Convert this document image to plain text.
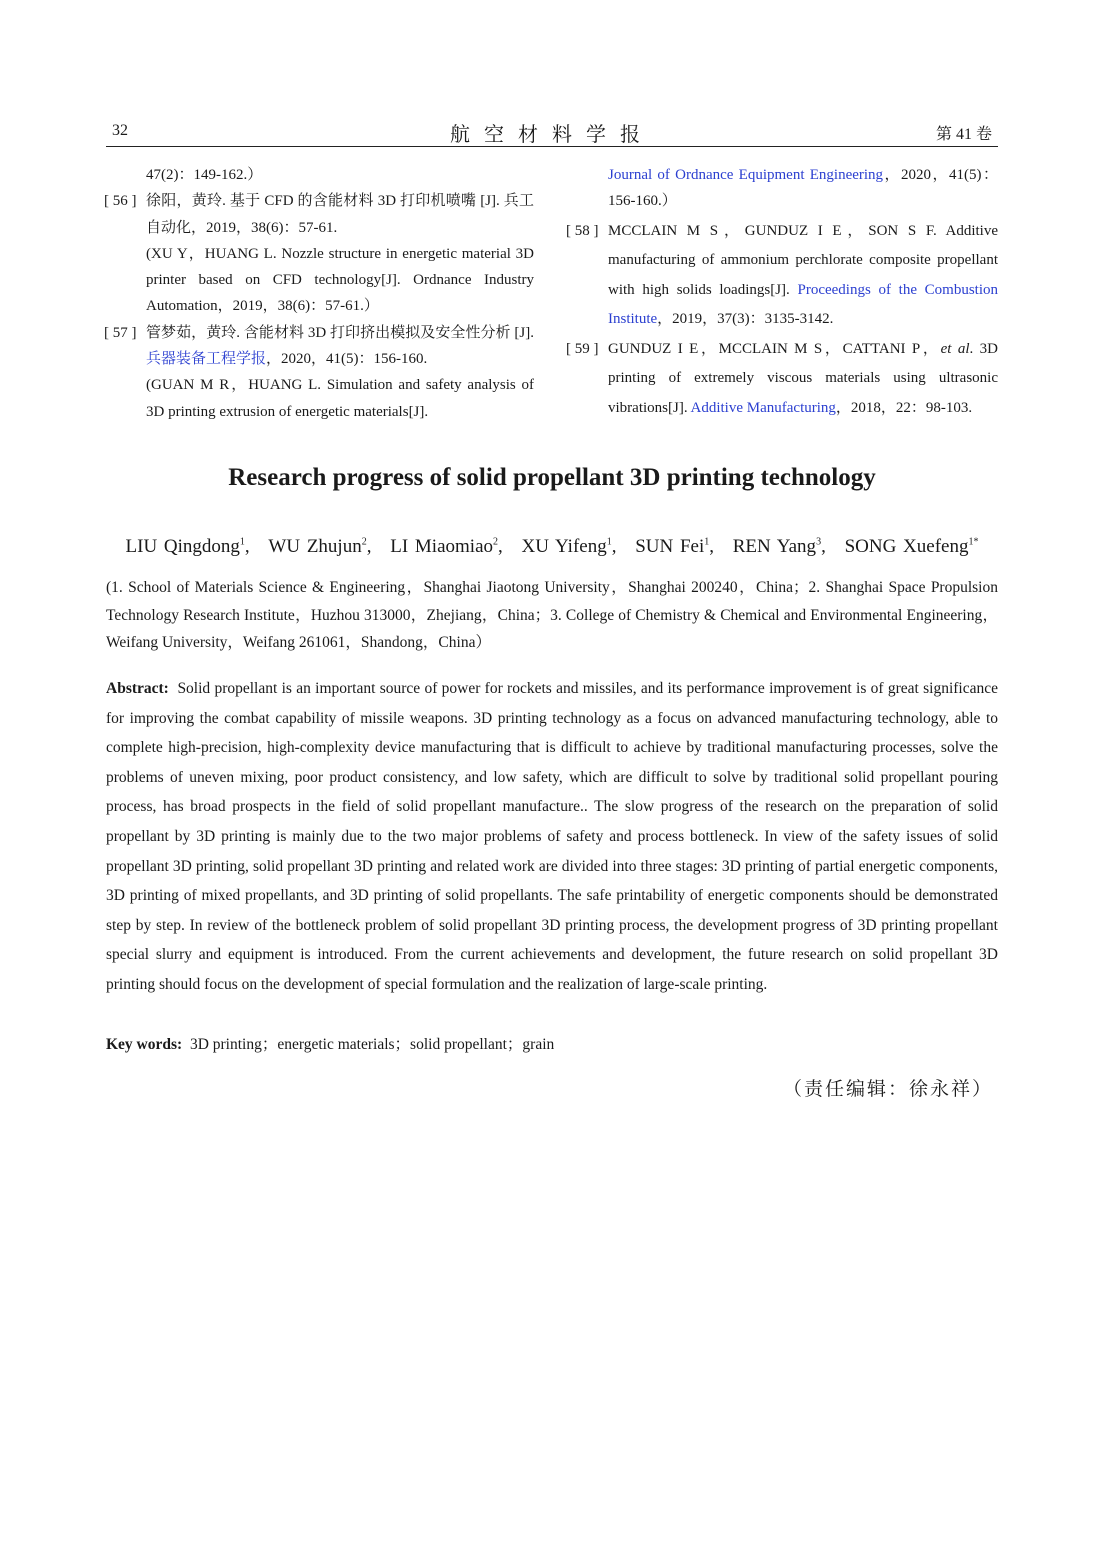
32	航空材料学报	第 41 卷
47(2)：149-162.）
[ 56 ] 徐阳，黄玲. 基于 CFD 的含能材料 3D 打印机喷嘴 [J]. 兵工自动化，2019，38(6)：57-61.
(XU Y，HUANG L. Nozzle structure in energetic material 3D printer based on CFD technology[J]. Ordnance Industry Automation，2019，38(6)：57-61.）
[ 57 ] 管梦茹，黄玲. 含能材料 3D 打印挤出模拟及安全性分析 [J].兵器装备工程学报，2020，41(5)：156-160.
(GUAN M R，HUANG L. Simulation and safety analysis of 3D printing extrusion of energetic materials[J].
Journal of Ordnance Equipment Engineering，2020，41(5)：156-160.）
[ 58 ] MCCLAIN M S，GUNDUZ I E，SON S F. Additive manufacturing of ammonium perchlorate composite propellant with high solids loadings[J]. Proceedings of the Combustion Institute，2019，37(3)：3135-3142.
[ 59 ] GUNDUZ I E，MCCLAIN M S，CATTANI P，et al. 3D printing of extremely viscous materials using ultrasonic vibrations[J]. Additive Manufacturing，2018，22：98-103.
Research progress of solid propellant 3D printing technology
LIU Qingdong$^1$, WU Zhujun$^2$, LI Miaomiao$^2$, XU Yifeng$^1$, SUN Fei$^1$, REN Yang$^3$, SONG Xuefeng$^{1*}$
(1. School of Materials Science & Engineering，Shanghai Jiaotong University，Shanghai 200240，China；2. Shanghai Space Propulsion Technology Research Institute，Huzhou 313000，Zhejiang，China；3. College of Chemistry & Chemical and Environmental Engineering，Weifang University，Weifang 261061，Shandong，China）
Abstract: Solid propellant is an important source of power for rockets and missiles, and its performance improvement is of great significance for improving the combat capability of missile weapons. 3D printing technology as a focus on advanced manufacturing technology, able to complete high-precision, high-complexity device manufacturing that is difficult to achieve by traditional manufacturing processes, solve the problems of uneven mixing, poor product consistency, and low safety, which are difficult to solve by traditional solid propellant pouring process, has broad prospects in the field of solid propellant manufacture.. The slow progress of the research on the preparation of solid propellant by 3D printing is mainly due to the two major problems of safety and process bottleneck. In view of the safety issues of solid propellant 3D printing, solid propellant 3D printing and related work are divided into three stages: 3D printing of partial energetic components, 3D printing of mixed propellants, and 3D printing of solid propellants. The safe printability of energetic components should be demonstrated step by step. In review of the bottleneck problem of solid propellant 3D printing process, the development progress of 3D printing propellant special slurry and equipment is introduced. From the current achievements and development, the future research on solid propellant 3D printing should focus on the development of special formulation and the realization of large-scale printing.
Key words: 3D printing；energetic materials；solid propellant；grain
（责任编辑：徐永祥）
